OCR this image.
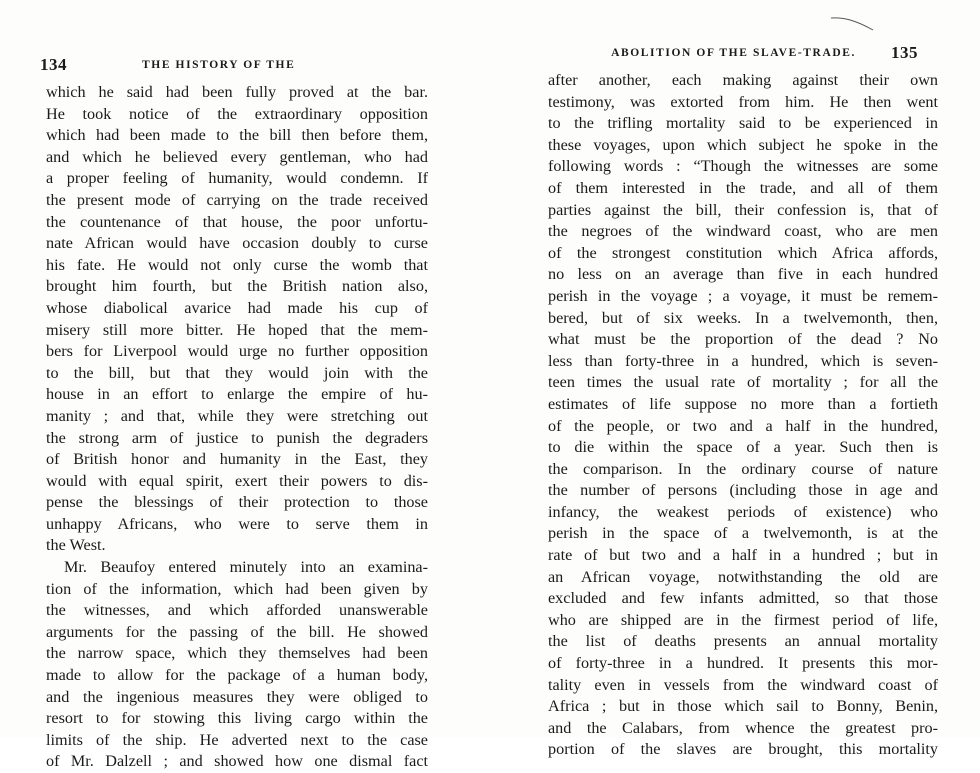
134	THE HISTORY OF THE
which he said had been fully proved at the bar.
He took notice of the extraordinary opposition
which had been made to the bill then before them,
and which he believed every gentleman, who had
a proper feeling of humanity, would condemn. If
the present mode of carrying on the trade received
the countenance of that house, the poor unfortu-
nate African would have occasion doubly to curse
his fate. He would not only curse the womb that
brought him fourth, but the British nation also,
whose diabolical avarice had made his cup of
misery still more bitter. He hoped that the mem-
bers for Liverpool would urge no further opposition
to the bill, but that they would join with the
house in an effort to enlarge the empire of hu-
manity ; and that, while they were stretching out
the strong arm of justice to punish the degraders
of British honor and humanity in the East, they
would with equal spirit, exert their powers to dis-
pense the blessings of their protection to those
unhappy Africans, who were to serve them in
the West.
Mr. Beaufoy entered minutely into an examina-
tion of the information, which had been given by
the witnesses, and which afforded unanswerable
arguments for the passing of the bill. He showed
the narrow space, which they themselves had been
made to allow for the package of a human body,
and the ingenious measures they were obliged to
resort to for stowing this living cargo within the
limits of the ship. He adverted next to the case
of Mr. Dalzell ; and showed how one dismal fact
ABOLITION OF THE SLAVE-TRADE. 135
after another, each making against their own
testimony, was extorted from him. He then went
to the trifling mortality said to be experienced in
these voyages, upon which subject he spoke in the
following words : “Though the witnesses are some
of them interested in the trade, and all of them
parties against the bill, their confession is, that of
the negroes of the windward coast, who are men
of the strongest constitution which Africa affords,
no less on an average than five in each hundred
perish in the voyage ; a voyage, it must be remem-
bered, but of six weeks. In a twelvemonth, then,
what must be the proportion of the dead ? No
less than forty-three in a hundred, which is seven-
teen times the usual rate of mortality ; for all the
estimates of life suppose no more than a fortieth
of the people, or two and a half in the hundred,
to die within the space of a year. Such then is
the comparison. In the ordinary course of nature
the number of persons (including those in age and
infancy, the weakest periods of existence) who
perish in the space of a twelvemonth, is at the
rate of but two and a half in a hundred ; but in
an African voyage, notwithstanding the old are
excluded and few infants admitted, so that those
who are shipped are in the firmest period of life,
the list of deaths presents an annual mortality
of forty-three in a hundred. It presents this mor-
tality even in vessels from the windward coast of
Africa ; but in those which sail to Bonny, Benin,
and the Calabars, from whence the greatest pro-
portion of the slaves are brought, this mortality
